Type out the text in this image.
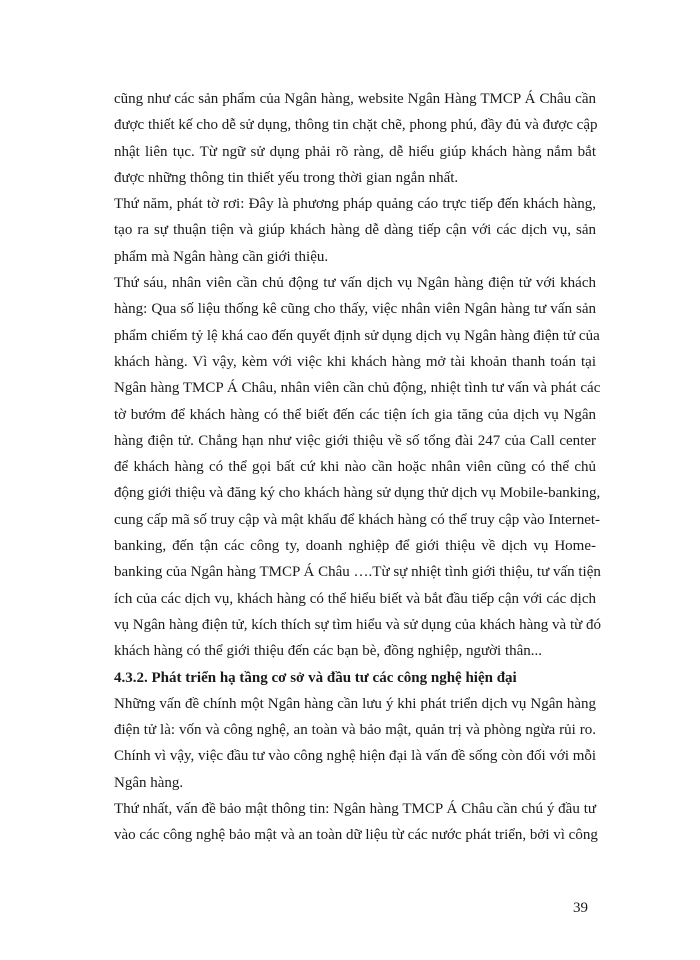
cũng như các sản phẩm của Ngân hàng, website Ngân Hàng TMCP Á Châu cần
được thiết kế cho dễ sử dụng, thông tin chặt chẽ, phong phú, đầy đủ và được cập
nhật liên tục. Từ ngữ sử dụng phải rõ ràng, dễ hiểu giúp khách hàng nắm bắt
được những thông tin thiết yếu trong thời gian ngắn nhất.
Thứ năm, phát tờ rơi: Đây là phương pháp quảng cáo trực tiếp đến khách hàng,
tạo ra sự thuận tiện và giúp khách hàng dễ dàng tiếp cận với các dịch vụ, sản
phẩm mà Ngân hàng cần giới thiệu.
Thứ sáu, nhân viên cần chủ động tư vấn dịch vụ Ngân hàng điện tử với khách
hàng: Qua số liệu thống kê cũng cho thấy, việc nhân viên Ngân hàng tư vấn sản
phẩm chiếm tỷ lệ khá cao đến quyết định sử dụng dịch vụ Ngân hàng điện tử của
khách hàng. Vì vậy, kèm với việc khi khách hàng mở tài khoản thanh toán tại
Ngân hàng TMCP Á Châu, nhân viên cần chủ động, nhiệt tình tư vấn và phát các
tờ bướm để khách hàng có thể biết đến các tiện ích gia tăng của dịch vụ Ngân
hàng điện tử. Chẳng hạn như việc giới thiệu về số tổng đài 247 của Call center
để khách hàng có thể gọi bất cứ khi nào cần hoặc nhân viên cũng có thể chủ
động giới thiệu và đăng ký cho khách hàng sử dụng thử dịch vụ Mobile-banking,
cung cấp mã số truy cập và mật khẩu để khách hàng có thể truy cập vào Internet-
banking, đến tận các công ty, doanh nghiệp để giới thiệu về dịch vụ Home-
banking của Ngân hàng TMCP Á Châu ….Từ sự nhiệt tình giới thiệu, tư vấn tiện
ích của các dịch vụ, khách hàng có thể hiểu biết và bắt đầu tiếp cận với các dịch
vụ Ngân hàng điện tử, kích thích sự tìm hiểu và sử dụng của khách hàng và từ đó
khách hàng có thể giới thiệu đến các bạn bè, đồng nghiệp, người thân...
4.3.2. Phát triển hạ tầng cơ sở và đầu tư các công nghệ hiện đại
Những vấn đề chính một Ngân hàng cần lưu ý khi phát triển dịch vụ Ngân hàng
điện tử là: vốn và công nghệ, an toàn và bảo mật, quản trị và phòng ngừa rủi ro.
Chính vì vậy, việc đầu tư vào công nghệ hiện đại là vấn đề sống còn đối với mỗi
Ngân hàng.
Thứ nhất, vấn đề bảo mật thông tin: Ngân hàng TMCP Á Châu cần chú ý đầu tư
vào các công nghệ bảo mật và an toàn dữ liệu từ các nước phát triển, bởi vì công
39
